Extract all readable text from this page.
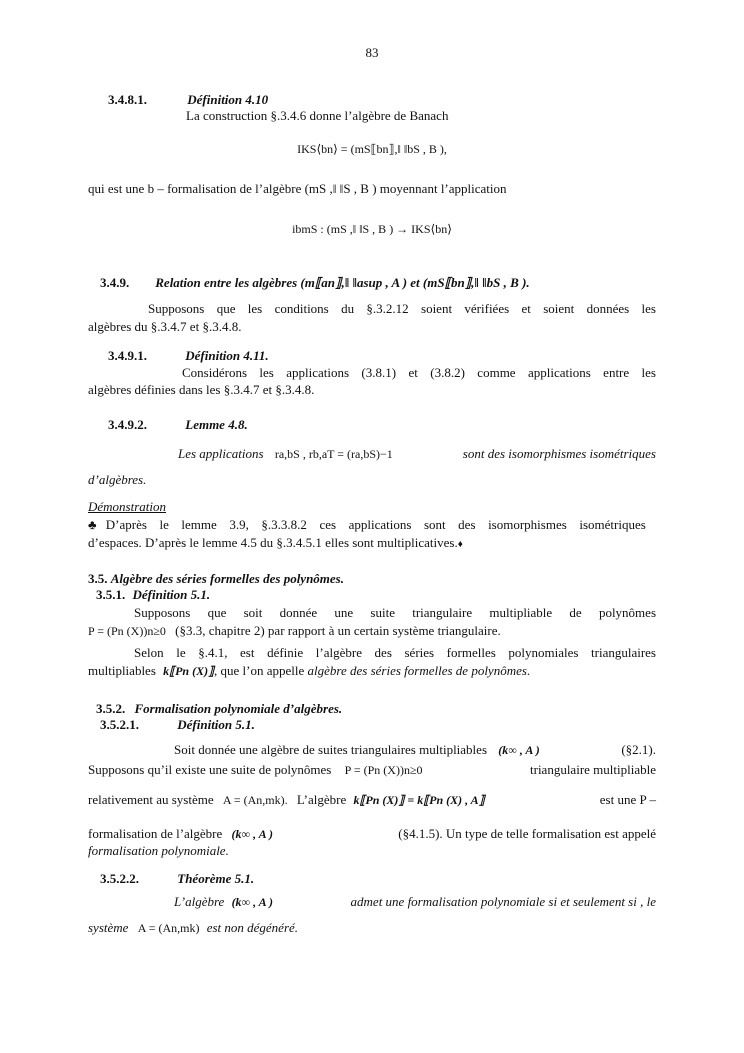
83
3.4.8.1.	Définition 4.10
La construction §.3.4.6 donne l’algèbre de Banach
IKS⟨bn⟩ = (mS⟦bn⟧,‖ ‖bS , B ),
qui est une b – formalisation de l’algèbre (mS ,‖ ‖S , B ) moyennant l’application
ibmS : (mS ,‖ ‖S , B ) → IKS⟨bn⟩
3.4.9. Relation entre les algèbres (m⟦an⟧,‖ ‖asup , A ) et (mS⟦bn⟧,‖ ‖bS , B ).
Supposons que les conditions du §.3.2.12 soient vérifiées et soient données les
algèbres du §.3.4.7 et §.3.4.8.
3.4.9.1.	Définition 4.11.
Considérons les applications (3.8.1) et (3.8.2) comme applications entre les
algèbres définies dans les §.3.4.7 et §.3.4.8.
3.4.9.2.	Lemme 4.8.
Les applications ra,bS , rb,aT = (ra,bS)−1	sont des isomorphismes isométriques
d’algèbres.
Démonstration
♣ D’après le lemme 3.9, §.3.3.8.2 ces applications sont des isomorphismes isométriques
d’espaces. D’après le lemme 4.5 du §.3.4.5.1 elles sont multiplicatives.♦
3.5. Algèbre des séries formelles des polynômes.
3.5.1. Définition 5.1.
Supposons que soit donnée une suite triangulaire multipliable de polynômes
P = (Pn (X))n≥0 (§3.3, chapitre 2) par rapport à un certain système triangulaire.
Selon le §.4.1, est définie l’algèbre des séries formelles polynomiales triangulaires
multipliables k⟦Pn (X)⟧, que l’on appelle algèbre des séries formelles de polynômes.
3.5.2. Formalisation polynomiale d’algèbres.
3.5.2.1.	Définition 5.1.
Soit donnée une algèbre de suites triangulaires multipliables (k∞ , A )	(§2.1).
Supposons qu’il existe une suite de polynômes P = (Pn (X))n≥0	triangulaire multipliable
relativement au système A = (An,mk). L’algèbre k⟦Pn (X)⟧ = k⟦Pn (X) , A⟧	est une P –
formalisation de l’algèbre (k∞ , A )	(§4.1.5). Un type de telle formalisation est appelé
formalisation polynomiale.
3.5.2.2.	Théorème 5.1.
L’algèbre (k∞ , A )	admet une formalisation polynomiale si et seulement si , le
système A = (An,mk) est non dégénéré.
